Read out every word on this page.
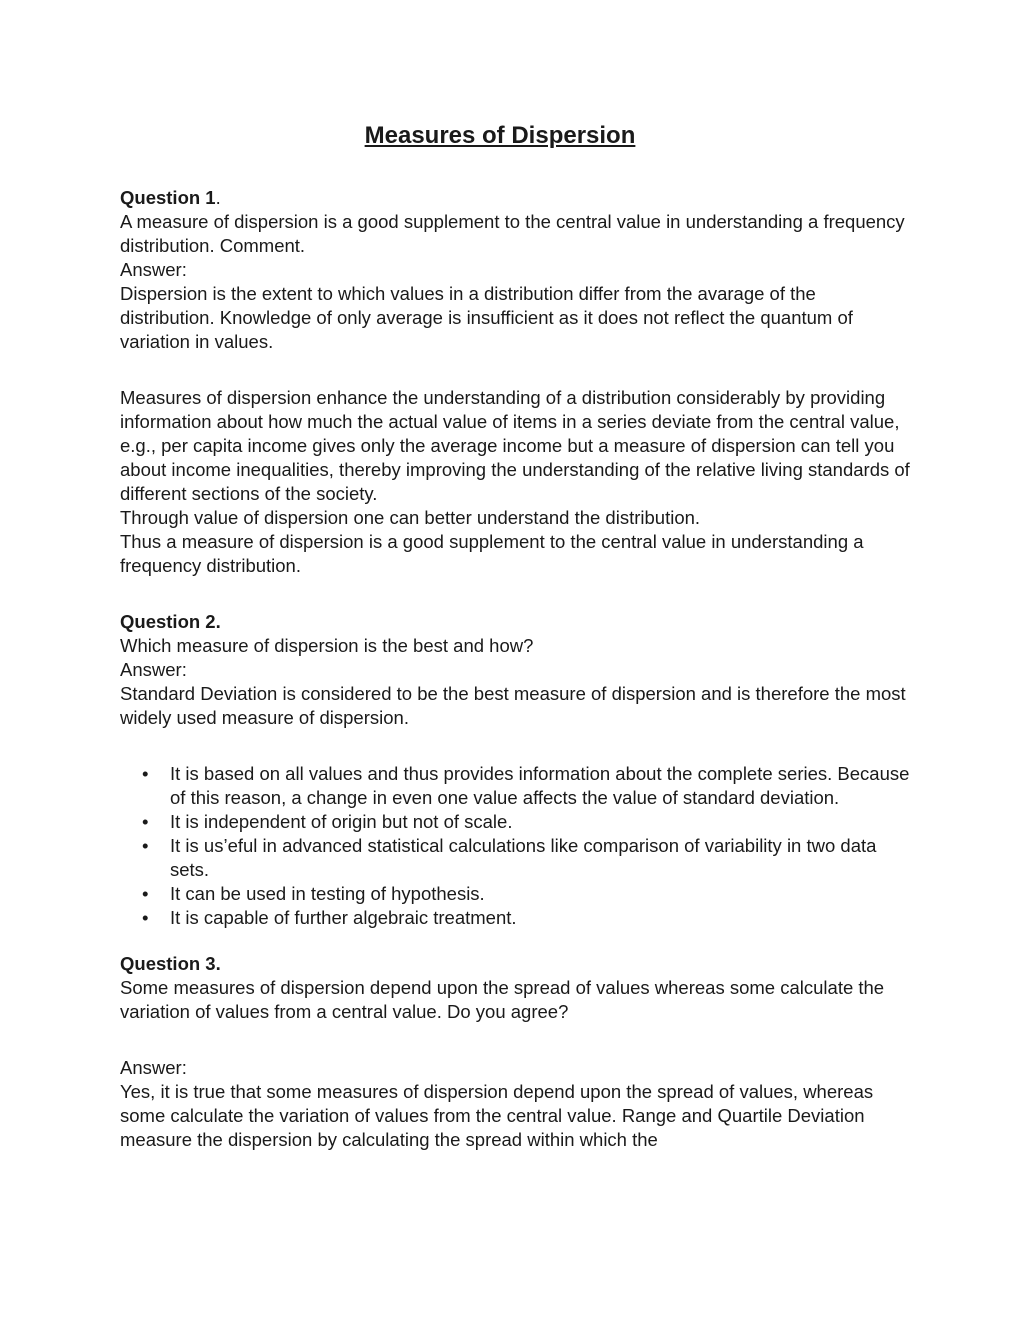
Measures of Dispersion

Question 1.

A measure of dispersion is a good supplement to the central value in understanding a frequency distribution. Comment.

Answer:

Dispersion is the extent to which values in a distribution differ from the avarage of the distribution. Knowledge of only average is insufficient as it does not reflect the quantum of variation in values.

Measures of dispersion enhance the understanding of a distribution considerably by providing information about how much the actual value of items in a series deviate from the central value, e.g., per capita income gives only the average income but a measure of dispersion can tell you about income inequalities, thereby improving the understanding of the relative living standards of different sections of the society.

Through value of dispersion one can better understand the distribution.

Thus a measure of dispersion is a good supplement to the central value in understanding a frequency distribution.

Question 2.

Which measure of dispersion is the best and how?

Answer:

Standard Deviation is considered to be the best measure of dispersion and is therefore the most widely used measure of dispersion.

• It is based on all values and thus provides information about the complete series. Because of this reason, a change in even one value affects the value of standard deviation.
• It is independent of origin but not of scale.
• It is us’eful in advanced statistical calculations like comparison of variability in two data sets.
• It can be used in testing of hypothesis.
• It is capable of further algebraic treatment.

Question 3.

Some measures of dispersion depend upon the spread of values whereas some calculate the variation of values from a central value. Do you agree?

Answer:

Yes, it is true that some measures of dispersion depend upon the spread of values, whereas some calculate the variation of values from the central value. Range and Quartile Deviation measure the dispersion by calculating the spread within which the
